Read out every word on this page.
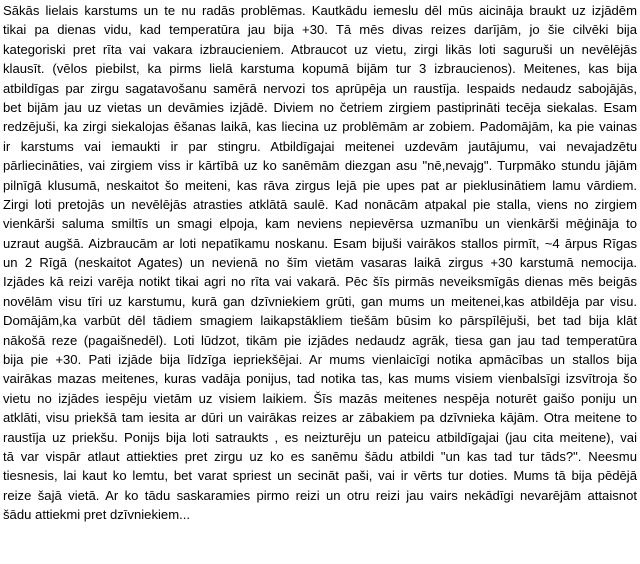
Sākās lielais karstums un te nu radās problēmas. Kautkādu iemeslu dēl mūs aicināja braukt uz izjādēm
tikai pa dienas vidu, kad temperatūra jau bija +30. Tā mēs divas reizes darījām, jo šie cilvēki bija
kategoriski pret rīta vai vakara izbraucieniem. Atbraucot uz vietu, zirgi likās loti saguruši un nevēlējās
klausīt. (vēlos piebilst, ka pirms lielā karstuma kopumā bijām tur 3 izbraucienos). Meitenes, kas bija
atbildīgas par zirgu sagatavošanu samērā nervozi tos aprūpēja un raustīja. Iespaids nedaudz sabojājās,
bet bijām jau uz vietas un devāmies izjādē. Diviem no četriem zirgiem pastiprināti tecēja siekalas. Esam
redzējuši, ka zirgi siekalojas ēšanas laikā, kas liecina uz problēmām ar zobiem. Padomājām, ka pie vainas
ir karstums vai iemaukti ir par stingru. Atbildīgajai meitenei uzdevām jautājumu, vai nevajadzētu
pārliecināties, vai zirgiem viss ir kārtībā uz ko sanēmām diezgan asu "nē,nevajg". Turpmāko stundu jājām
pilnīgā klusumā, neskaitot šo meiteni, kas rāva zirgus lejā pie upes pat ar pieklusinātiem lamu vārdiem.
Zirgi loti pretojās un nevēlējās atrasties atklātā saulē. Kad nonācām atpakal pie stalla, viens no zirgiem
vienkārši saluma smiltīs un smagi elpoja, kam neviens nepievērsa uzmanību un vienkārši mēģināja to
uzraut augšā. Aizbraucām ar loti nepatīkamu noskanu. Esam bijuši vairākos stallos pirmīt, ~4 ārpus Rīgas
un 2 Rīgā (neskaitot Agates) un nevienā no šīm vietām vasaras laikā zirgus +30 karstumā nemocija.
Izjādes kā reizi varēja notikt tikai agri no rīta vai vakarā. Pēc šīs pirmās neveiksmīgās dienas mēs beigās
novēlām visu tīri uz karstumu, kurā gan dzīvniekiem grūti, gan mums un meitenei,kas atbildēja par visu.
Domājām,ka varbūt dēl tādiem smagiem laikapstākliem tiešām būsim ko pārspīlējuši, bet tad bija klāt
nākošā reze (pagaišnedēl). Loti lūdzot, tikām pie izjādes nedaudz agrāk, tiesa gan jau tad temperatūra
bija pie +30. Pati izjāde bija līdzīga iepriekšējai. Ar mums vienlaicīgi notika apmācības un stallos bija
vairākas mazas meitenes, kuras vadāja ponijus, tad notika tas, kas mums visiem vienbalsīgi izsvītroja šo
vietu no izjādes iespēju vietām uz visiem laikiem. Šīs mazās meitenes nespēja noturēt gaišo poniju un
atklāti, visu priekšā tam iesita ar dūri un vairākas reizes ar zābakiem pa dzīvnieka kājām. Otra meitene to
raustīja uz priekšu. Ponijs bija loti satraukts , es neizturēju un pateicu atbildīgajai (jau cita meitene), vai
tā var vispār atlaut attiekties pret zirgu uz ko es sanēmu šādu atbildi "un kas tad tur tāds?". Neesmu
tiesnesis, lai kaut ko lemtu, bet varat spriest un secināt paši, vai ir vērts tur doties. Mums tā bija pēdējā
reize šajā vietā. Ar ko tādu saskaramies pirmo reizi un otru reizi jau vairs nekādīgi nevarējām attaisnot
šādu attiekmi pret dzīvniekiem...
